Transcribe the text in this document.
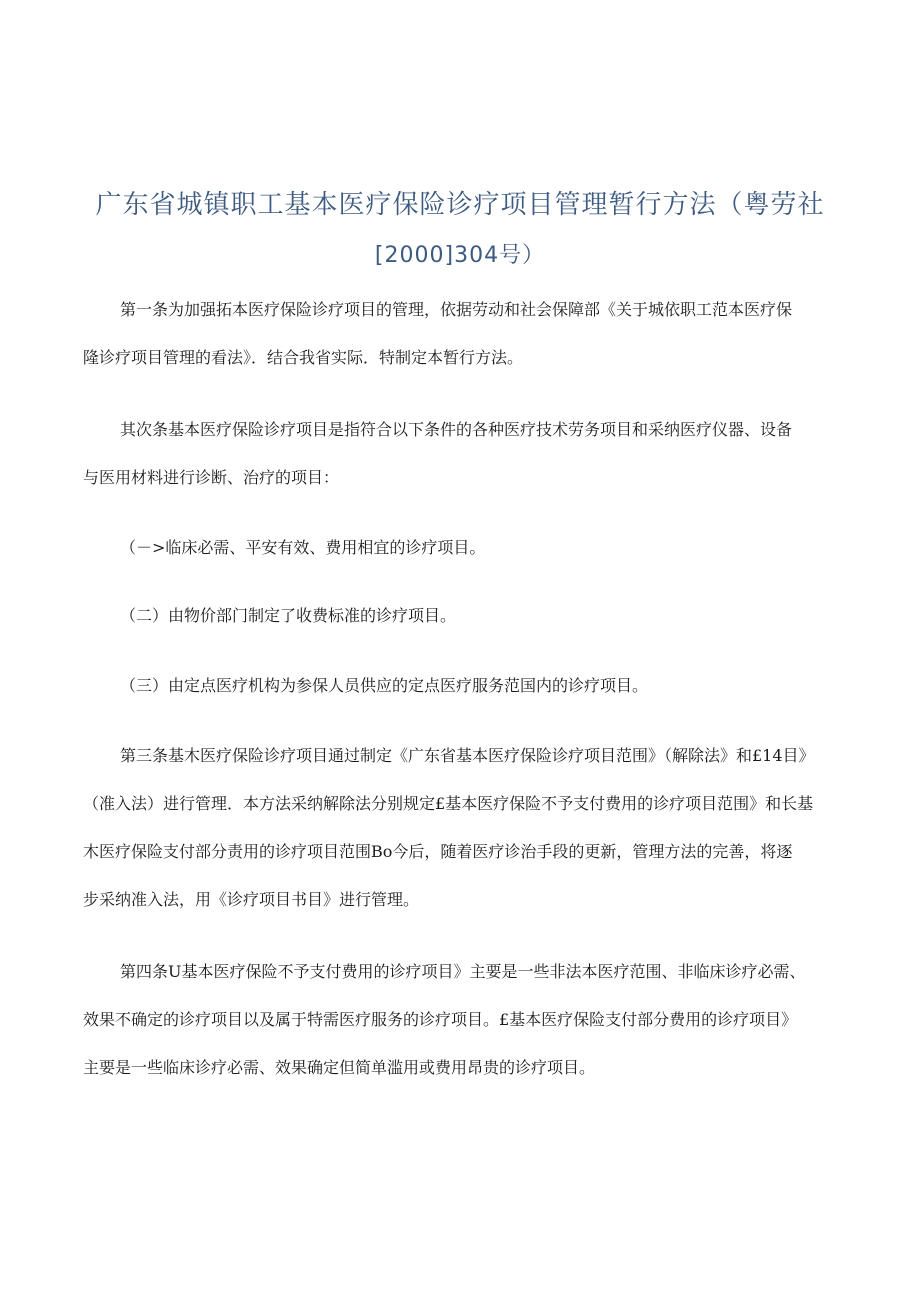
广东省城镇职工基本医疗保险诊疗项目管理暂行方法（粤劳社
[2000]304号）
第一条为加强拓本医疗保险诊疗项目的管理，依据劳动和社会保障部《关于城依职工范本医疗保
隆诊疗项目管理的看法》．结合我省实际．特制定本暂行方法。
其次条基本医疗保险诊疗项目是指符合以下条件的各种医疗技术劳务项目和采纳医疗仪器、设备
与医用材料进行诊断、治疗的项目：
（－>临床必需、平安有效、费用相宜的诊疗项目。
（二）由物价部门制定了收费标准的诊疗项目。
（三）由定点医疗机构为参保人员供应的定点医疗服务范国内的诊疗项目。
第三条基木医疗保险诊疗项目通过制定《广东省基本医疗保险诊疗项目范围》（解除法》和£14目》
（准入法）进行管理．本方法采纳解除法分别规定£基本医疗保险不予支付费用的诊疗项目范围》和长基
木医疗保险支付部分责用的诊疗项目范围Bo今后，随着医疗诊治手段的更新，管理方法的完善，将逐
步采纳准入法，用《诊疗项目书目》进行管理。
第四条U基本医疗保险不予支付费用的诊疗项目》主要是一些非法本医疗范围、非临床诊疗必需、
效果不确定的诊疗项目以及属于特需医疗服务的诊疗项目。£基本医疗保险支付部分费用的诊疗项目》
主要是一些临床诊疗必需、效果确定但简单滥用或费用昂贵的诊疗项目。
